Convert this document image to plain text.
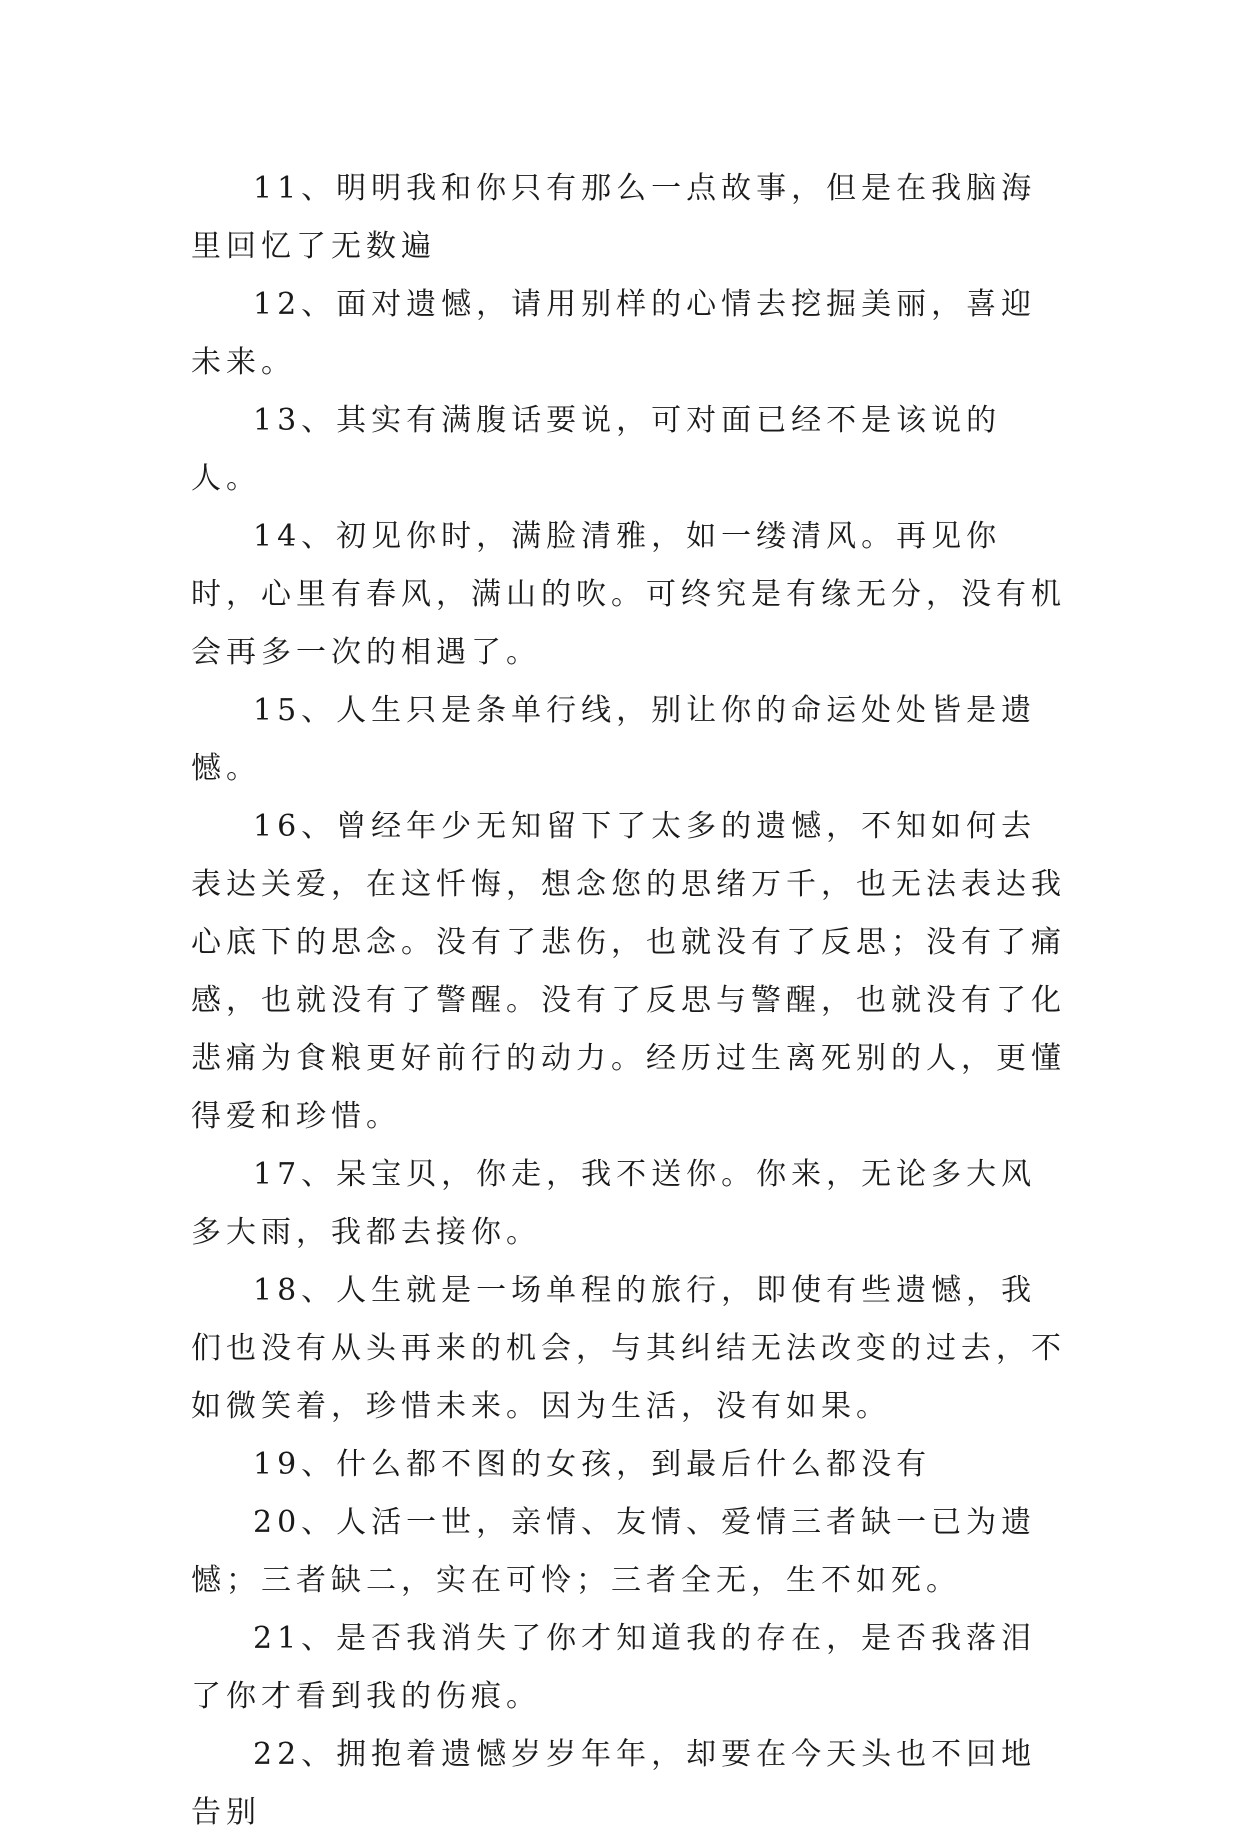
11、明明我和你只有那么一点故事，但是在我脑海里回忆了无数遍

12、面对遗憾，请用别样的心情去挖掘美丽，喜迎未来。

13、其实有满腹话要说，可对面已经不是该说的人。

14、初见你时，满脸清雅，如一缕清风。再见你时，心里有春风，满山的吹。可终究是有缘无分，没有机会再多一次的相遇了。

15、人生只是条单行线，别让你的命运处处皆是遗憾。

16、曾经年少无知留下了太多的遗憾，不知如何去表达关爱，在这忏悔，想念您的思绪万千，也无法表达我心底下的思念。没有了悲伤，也就没有了反思；没有了痛感，也就没有了警醒。没有了反思与警醒，也就没有了化悲痛为食粮更好前行的动力。经历过生离死别的人，更懂得爱和珍惜。

17、呆宝贝，你走，我不送你。你来，无论多大风多大雨，我都去接你。

18、人生就是一场单程的旅行，即使有些遗憾，我们也没有从头再来的机会，与其纠结无法改变的过去，不如微笑着，珍惜未来。因为生活，没有如果。

19、什么都不图的女孩，到最后什么都没有

20、人活一世，亲情、友情、爱情三者缺一已为遗憾；三者缺二，实在可怜；三者全无，生不如死。

21、是否我消失了你才知道我的存在，是否我落泪了你才看到我的伤痕。

22、拥抱着遗憾岁岁年年，却要在今天头也不回地告别
